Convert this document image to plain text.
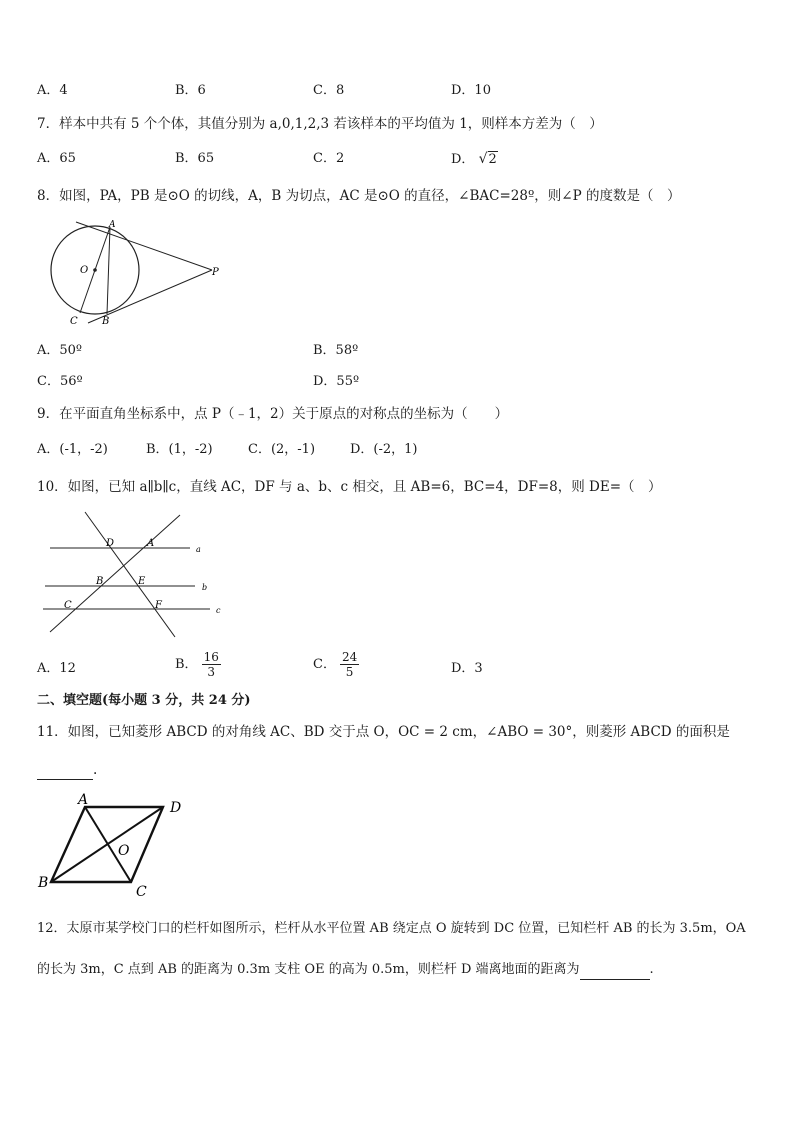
A．4	B．6	C．8	D．10
7．样本中共有 5 个个体，其值分别为 a,0,1,2,3 若该样本的平均值为 1，则样本方差为（　）
A．65	B．65	C．2	D． √2
8．如图，PA，PB 是⊙O 的切线，A，B 为切点，AC 是⊙O 的直径，∠BAC=28º，则∠P 的度数是（　）
A
O	P
C B
A．50º	B．58º
C．56º	D．55º
9．在平面直角坐标系中，点 P（﹣1，2）关于原点的对称点的坐标为（　　）
A．(-1，-2)	B．(1，-2)	C．(2，-1)	D．(-2，1)
10．如图，已知 a∥b∥c，直线 AC，DF 与 a、b、c 相交，且 AB=6，BC=4，DF=8，则 DE=（　）
D	A
a
B	E
b
C	F	c
A．12	B． $\frac{16}{3}$	C． $\frac{24}{5}$	D．3
二、填空题(每小题 3 分，共 24 分)
11．如图，已知菱形 ABCD 的对角线 AC、BD 交于点 O，OC = 2 cm，∠ABO = 30°，则菱形 ABCD 的面积是
.
A	D
O
B
C
12．太原市某学校门口的栏杆如图所示，栏杆从水平位置 AB 绕定点 O 旋转到 DC 位置，已知栏杆 AB 的长为 3.5m，OA
的长为 3m，C 点到 AB 的距离为 0.3m 支柱 OE 的高为 0.5m，则栏杆 D 端离地面的距离为	.
